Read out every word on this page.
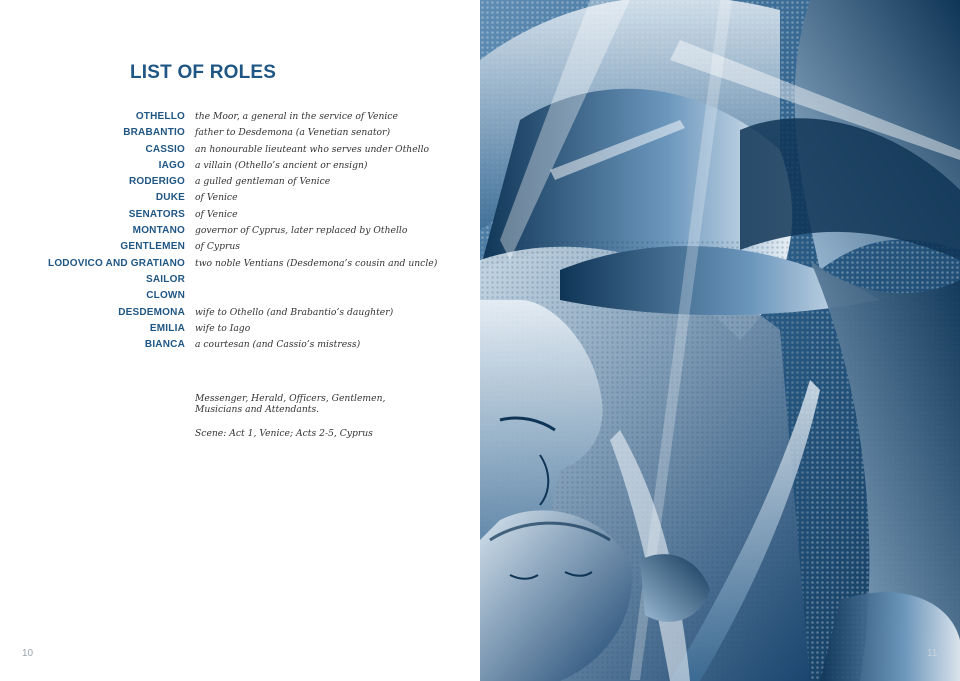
LIST OF ROLES
OTHELLO the Moor, a general in the service of Venice
BRABANTIO father to Desdemona (a Venetian senator)
CASSIO an honourable lieuteant who serves under Othello
IAGO a villain (Othello’s ancient or ensign)
RODERIGO a gulled gentleman of Venice
DUKE of Venice
SENATORS of Venice
MONTANO governor of Cyprus, later replaced by Othello
GENTLEMEN of Cyprus
LODOVICO AND GRATIANO two noble Ventians (Desdemona’s cousin and uncle)
SAILOR
CLOWN
DESDEMONA wife to Othello (and Brabantio’s daughter)
EMILIA wife to Iago
BIANCA a courtesan (and Cassio’s mistress)

Messenger, Herald, Officers, Gentlemen, Musicians and Attendants.

Scene: Act 1, Venice; Acts 2-5, Cyprus

10	11
